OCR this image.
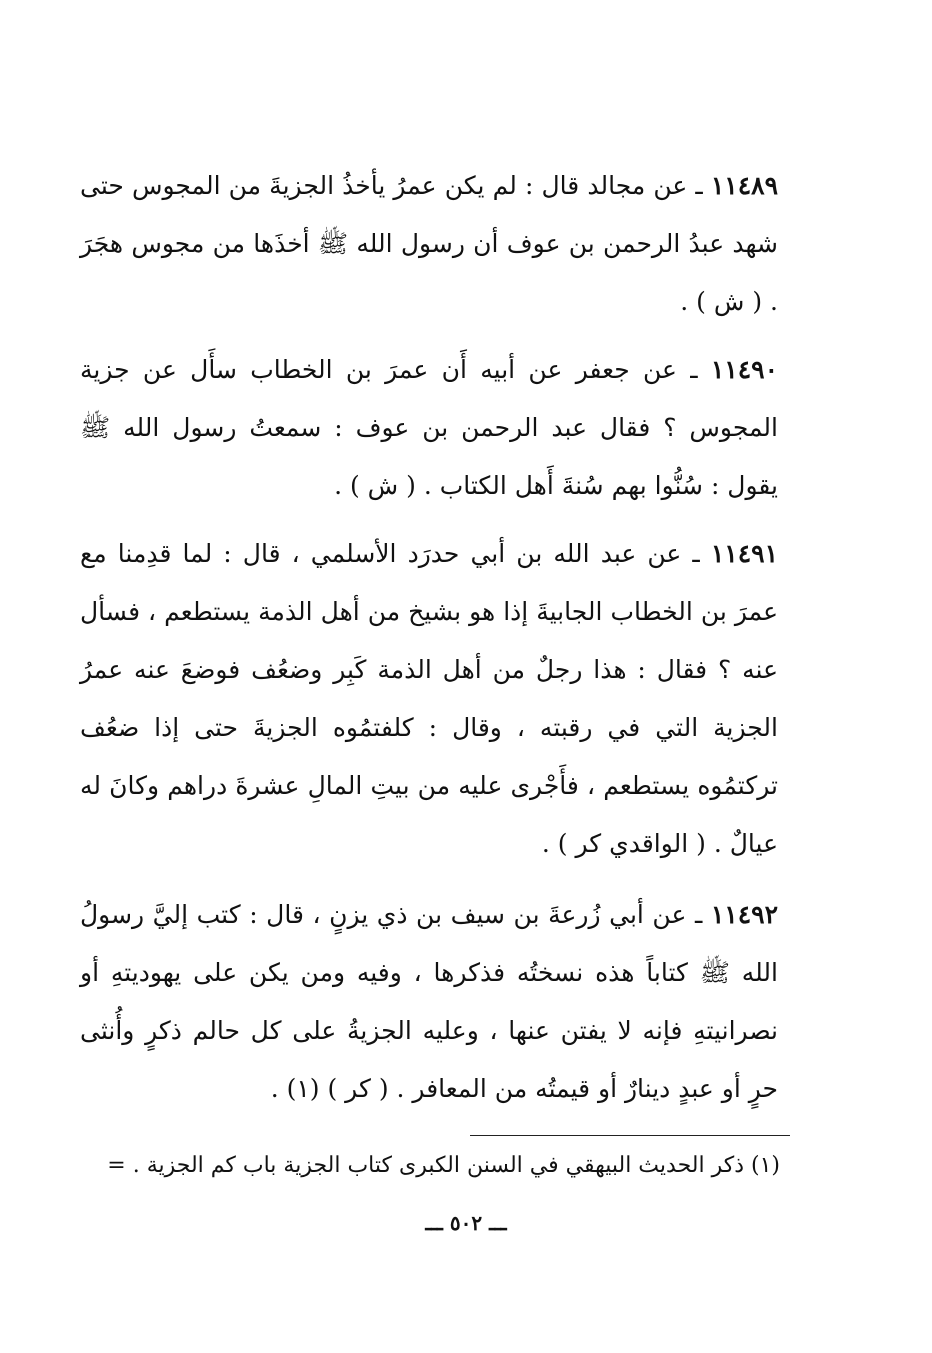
١١٤٨٩ ـ عن مجالد قال : لم يكن عمرُ يأخذُ الجزيةَ من المجوس حتى شهد عبدُ الرحمن بن عوف أن رسول الله ﷺ أخذَها من مجوس هجَرَ . ( ش ) .

١١٤٩٠ ـ عن جعفر عن أبيه أَن عمرَ بن الخطاب سأَل عن جزية المجوس ؟ فقال عبد الرحمن بن عوف : سمعتُ رسول الله ﷺ يقول : سُنُّوا بهم سُنةَ أَهل الكتاب . ( ش ) .

١١٤٩١ ـ عن عبد الله بن أبي حدرَد الأسلمي ، قال : لما قدِمنا مع عمرَ بن الخطاب الجابيةَ إذا هو بشيخ من أهل الذمة يستطعم ، فسأل عنه ؟ فقال : هذا رجلٌ من أهل الذمة كَبِر وضعُف فوضعَ عنه عمرُ الجزية التي في رقبته ، وقال : كلفتمُوه الجزيةَ حتى إذا ضعُف تركتمُوه يستطعم ، فأَجْرى عليه من بيتِ المالِ عشرةَ دراهم وكانَ له عيالٌ . ( الواقدي كر ) .

١١٤٩٢ ـ عن أبي زُرعةَ بن سيف بن ذي يزنٍ ، قال : كتب إليَّ رسولُ الله ﷺ كتاباً هذه نسختُه فذكرها ، وفيه ومن يكن على يهوديتهِ أو نصرانيتهِ فإنه لا يفتن عنها ، وعليه الجزيةُ على كل حالم ذكرٍ وأُنثى حرٍ أو عبدٍ دينارٌ أو قيمتُه من المعافر . ( كر ) (١) .

(١) ذكر الحديث البيهقي في السنن الكبرى كتاب الجزية باب كم الجزية . =

ـــ ٥٠٢ ـــ
